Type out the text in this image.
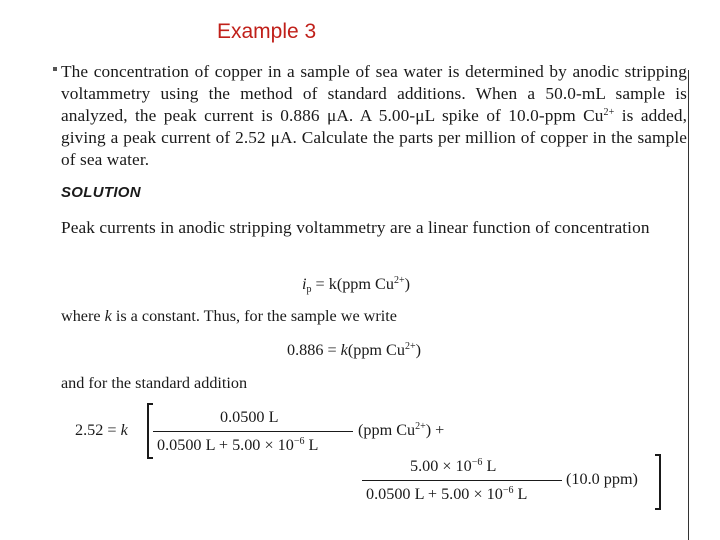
Example 3
The concentration of copper in a sample of sea water is determined by anodic stripping voltammetry using the method of standard additions. When a 50.0-mL sample is analyzed, the peak current is 0.886 μA. A 5.00-μL spike of 10.0-ppm $Cu^{2+}$ is added, giving a peak current of 2.52 μA. Calculate the parts per million of copper in the sample of sea water.
SOLUTION
Peak currents in anodic stripping voltammetry are a linear function of concentration
$i_p = k(ppm$ $Cu^{2+}$)
where k is a constant. Thus, for the sample we write
0.886 = k(ppm $Cu^{2+}$)
and for the standard addition
2.52 = k
0.0500 L
0.0500 $L + 5.00 \times 10^{-6}$ L
(ppm $Cu^{2+}$) +
$5.00 \times 10^{-6}$ L
0.0500 $L + 5.00 \times 10^{-6}$ L
(10.0 ppm)
